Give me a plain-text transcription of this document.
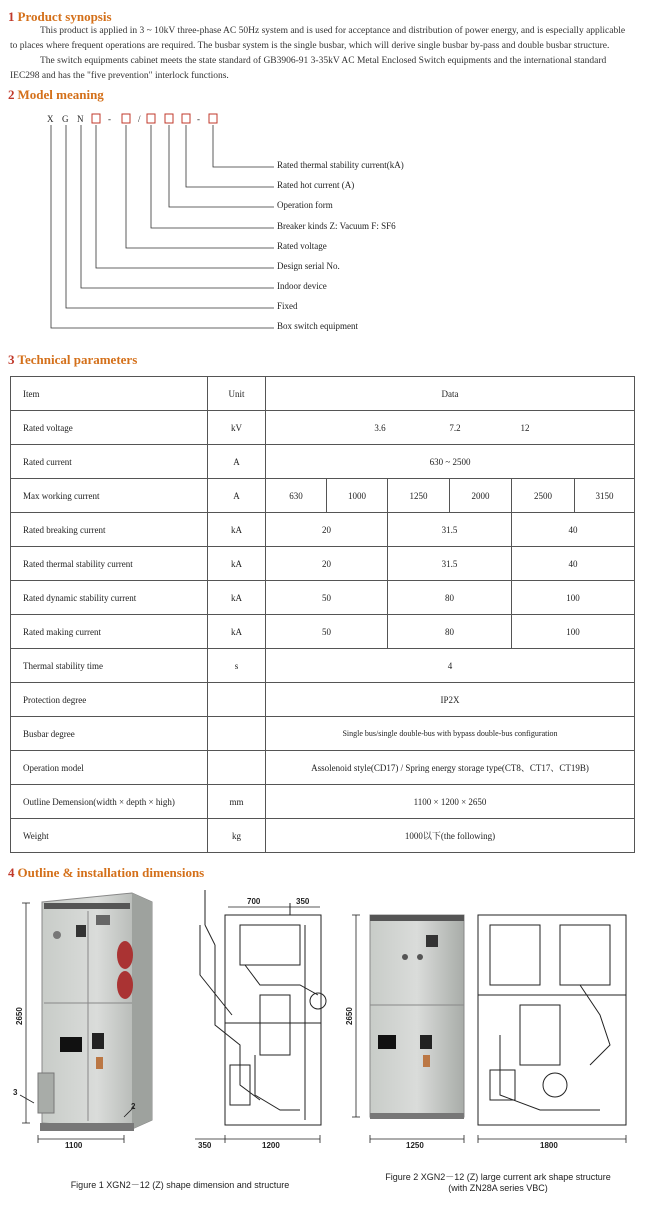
1 Product synopsis
This product is applied in 3 ~ 10kV three-phase AC 50Hz system and is used for acceptance and distribution of power energy, and is especially applicable
to places where frequent operations are required. The busbar system is the single busbar, which will derive single busbar by-pass and double busbar structure.
The switch equipments cabinet meets the state standard of GB3906-91 3-35kV AC Metal Enclosed Switch equipments and the international standard
IEC298 and has the "five prevention" interlock functions.
2 Model meaning
X G N	-	/	-
Rated thermal stability current(kA)
Rated hot current (A)
Operation form
Breaker kinds Z: Vacuum F: SF6
Rated voltage
Design serial No.
Indoor device
Fixed
Box switch equipment
3 Technical parameters
Item	Unit	Data					
Rated voltage	kV	3.6 7.2 12					
Rated current	A	630 ~ 2500					
Max working current	A	630	1000	1250	2000	2500	3150
Rated breaking current	kA	20		31.5		40	
Rated thermal stability current	kA	20		31.5		40	
Rated dynamic stability current	kA	50		80		100	
Rated making current	kA	50		80		100	
Thermal stability time	s	4					
Protection degree		IP2X					
Busbar degree		Single bus/single double-bus with bypass double-bus configuration					
Operation model		Assolenoid style(CD17) / Spring energy storage type(CT8、CT17、CT19B)					
Outline Demension(width × depth × high)	mm	1100 × 1200 × 2650					
Weight	kg	1000以下(the following)					
4 Outline & installation dimensions
2650
1100
3
2
700	350
350	1200
2650
1250	1800
Figure 1 XGN2－12 (Z) shape dimension and structure
Figure 2 XGN2－12 (Z) large current ark shape structure
(with ZN28A series VBC)
